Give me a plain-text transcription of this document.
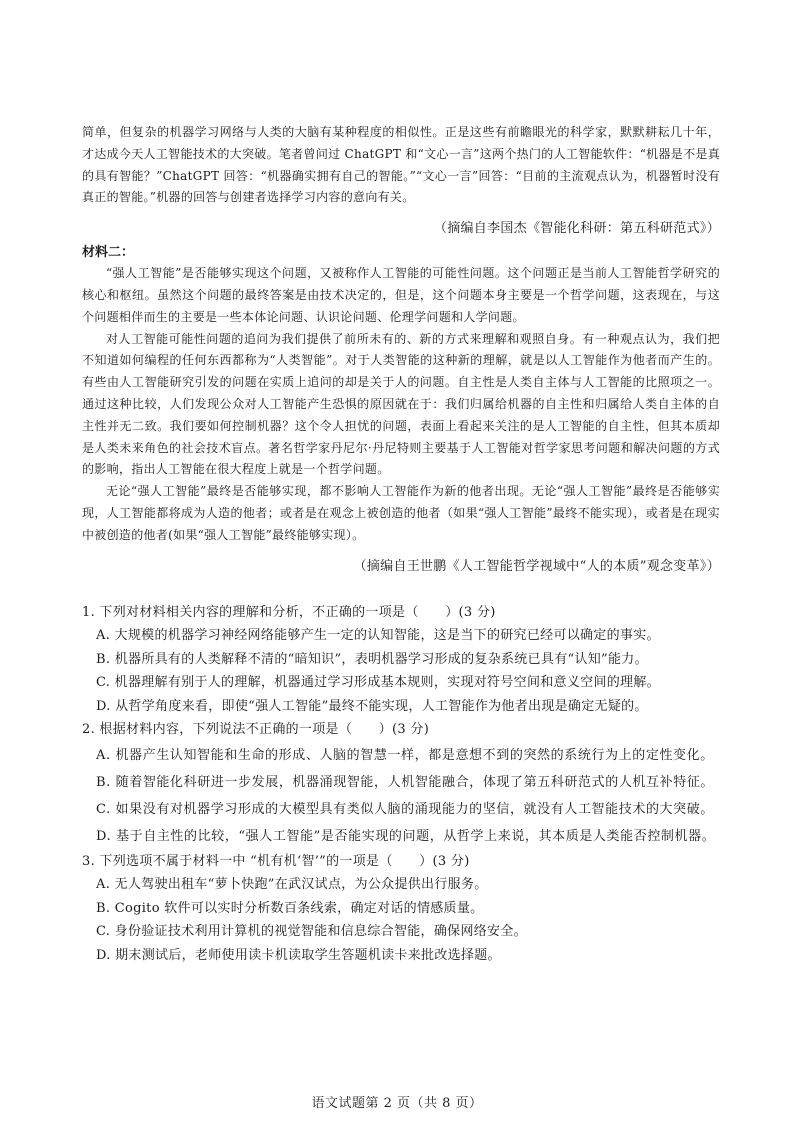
简单，但复杂的机器学习网络与人类的大脑有某种程度的相似性。正是这些有前瞻眼光的科学家，默默耕耘几十年，才达成今天人工智能技术的大突破。笔者曾问过 ChatGPT 和“文心一言”这两个热门的人工智能软件：“机器是不是真的具有智能？”ChatGPT 回答：“机器确实拥有自己的智能。”“文心一言”回答：“目前的主流观点认为，机器暂时没有真正的智能。”机器的回答与创建者选择学习内容的意向有关。

（摘编自李国杰《智能化科研：第五科研范式》）

材料二：

“强人工智能”是否能够实现这个问题，又被称作人工智能的可能性问题。这个问题正是当前人工智能哲学研究的核心和枢纽。虽然这个问题的最终答案是由技术决定的，但是，这个问题本身主要是一个哲学问题，这表现在，与这个问题相伴而生的主要是一些本体论问题、认识论问题、伦理学问题和人学问题。

对人工智能可能性问题的追问为我们提供了前所未有的、新的方式来理解和观照自身。有一种观点认为，我们把不知道如何编程的任何东西都称为“人类智能”。对于人类智能的这种新的理解，就是以人工智能作为他者而产生的。有些由人工智能研究引发的问题在实质上追问的却是关于人的问题。自主性是人类自主体与人工智能的比照项之一。通过这种比较，人们发现公众对人工智能产生恐惧的原因就在于：我们归属给机器的自主性和归属给人类自主体的自主性并无二致。我们要如何控制机器？这个令人担忧的问题，表面上看起来关注的是人工智能的自主性，但其本质却是人类未来角色的社会技术盲点。著名哲学家丹尼尔·丹尼特则主要基于人工智能对哲学家思考问题和解决问题的方式的影响，指出人工智能在很大程度上就是一个哲学问题。

无论“强人工智能”最终是否能够实现，都不影响人工智能作为新的他者出现。无论“强人工智能”最终是否能够实现，人工智能都将成为人造的他者；或者是在观念上被创造的他者（如果“强人工智能”最终不能实现），或者是在现实中被创造的他者(如果“强人工智能”最终能够实现）。

（摘编自王世鹏《人工智能哲学视域中“人的本质”观念变革》）

1. 下列对材料相关内容的理解和分析，不正确的一项是（　　）(3 分)

A. 大规模的机器学习神经网络能够产生一定的认知智能，这是当下的研究已经可以确定的事实。

B. 机器所具有的人类解释不清的“暗知识”，表明机器学习形成的复杂系统已具有“认知”能力。

C. 机器理解有别于人的理解，机器通过学习形成基本规则，实现对符号空间和意义空间的理解。

D. 从哲学角度来看，即使“强人工智能”最终不能实现，人工智能作为他者出现是确定无疑的。

2. 根据材料内容，下列说法不正确的一项是（　　）(3 分)

A. 机器产生认知智能和生命的形成、人脑的智慧一样，都是意想不到的突然的系统行为上的定性变化。

B. 随着智能化科研进一步发展，机器涌现智能，人机智能融合，体现了第五科研范式的人机互补特征。

C. 如果没有对机器学习形成的大模型具有类似人脑的涌现能力的坚信，就没有人工智能技术的大突破。

D. 基于自主性的比较，“强人工智能”是否能实现的问题，从哲学上来说，其本质是人类能否控制机器。

3. 下列选项不属于材料一中 “机有机‘智’”的一项是（　　）(3 分)

A. 无人驾驶出租车“萝卜快跑”在武汉试点，为公众提供出行服务。

B. Cogito 软件可以实时分析数百条线索，确定对话的情感质量。

C. 身份验证技术利用计算机的视觉智能和信息综合智能，确保网络安全。

D. 期末测试后，老师使用读卡机读取学生答题机读卡来批改选择题。

语文试题第 2 页（共 8 页）
